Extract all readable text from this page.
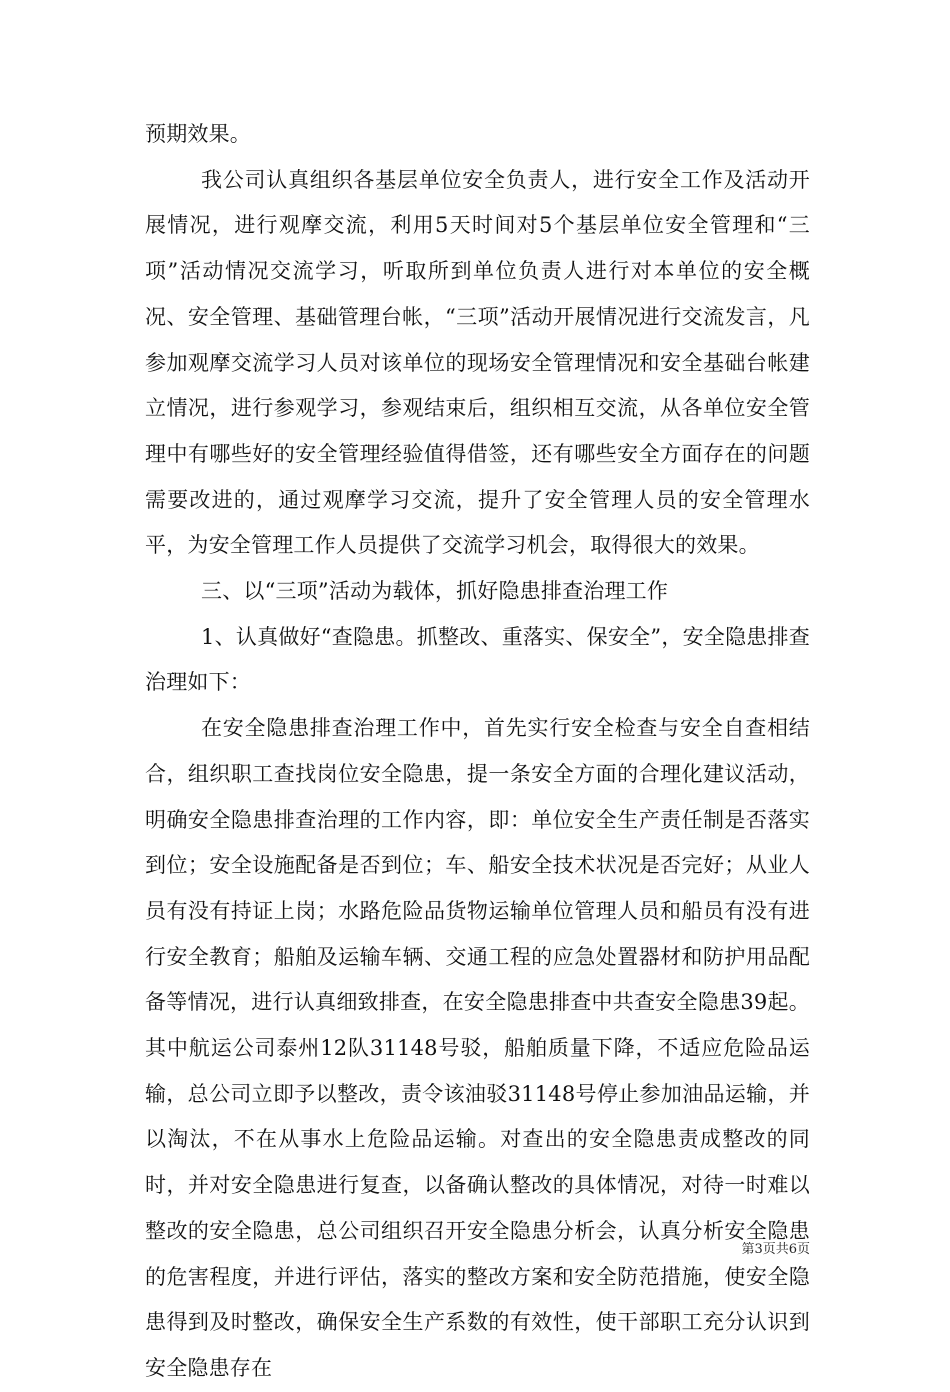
预期效果。

我公司认真组织各基层单位安全负责人，进行安全工作及活动开展情况，进行观摩交流，利用5天时间对5个基层单位安全管理和“三项”活动情况交流学习，听取所到单位负责人进行对本单位的安全概况、安全管理、基础管理台帐，“三项”活动开展情况进行交流发言，凡参加观摩交流学习人员对该单位的现场安全管理情况和安全基础台帐建立情况，进行参观学习，参观结束后，组织相互交流，从各单位安全管理中有哪些好的安全管理经验值得借签，还有哪些安全方面存在的问题需要改进的，通过观摩学习交流，提升了安全管理人员的安全管理水平，为安全管理工作人员提供了交流学习机会，取得很大的效果。

三、以“三项”活动为载体，抓好隐患排查治理工作

1、认真做好“查隐患。抓整改、重落实、保安全”，安全隐患排查治理如下：

在安全隐患排查治理工作中，首先实行安全检查与安全自查相结合，组织职工查找岗位安全隐患，提一条安全方面的合理化建议活动，明确安全隐患排查治理的工作内容，即：单位安全生产责任制是否落实到位；安全设施配备是否到位；车、船安全技术状况是否完好；从业人员有没有持证上岗；水路危险品货物运输单位管理人员和船员有没有进行安全教育；船舶及运输车辆、交通工程的应急处置器材和防护用品配备等情况，进行认真细致排查，在安全隐患排查中共查安全隐患39起。其中航运公司泰州12队31148号驳，船舶质量下降，不适应危险品运输，总公司立即予以整改，责令该油驳31148号停止参加油品运输，并以淘汰，不在从事水上危险品运输。对查出的安全隐患责成整改的同时，并对安全隐患进行复查，以备确认整改的具体情况，对待一时难以整改的安全隐患，总公司组织召开安全隐患分析会，认真分析安全隐患的危害程度，并进行评估，落实的整改方案和安全防范措施，使安全隐患得到及时整改，确保安全生产系数的有效性，使干部职工充分认识到安全隐患存在

第3页共6页
